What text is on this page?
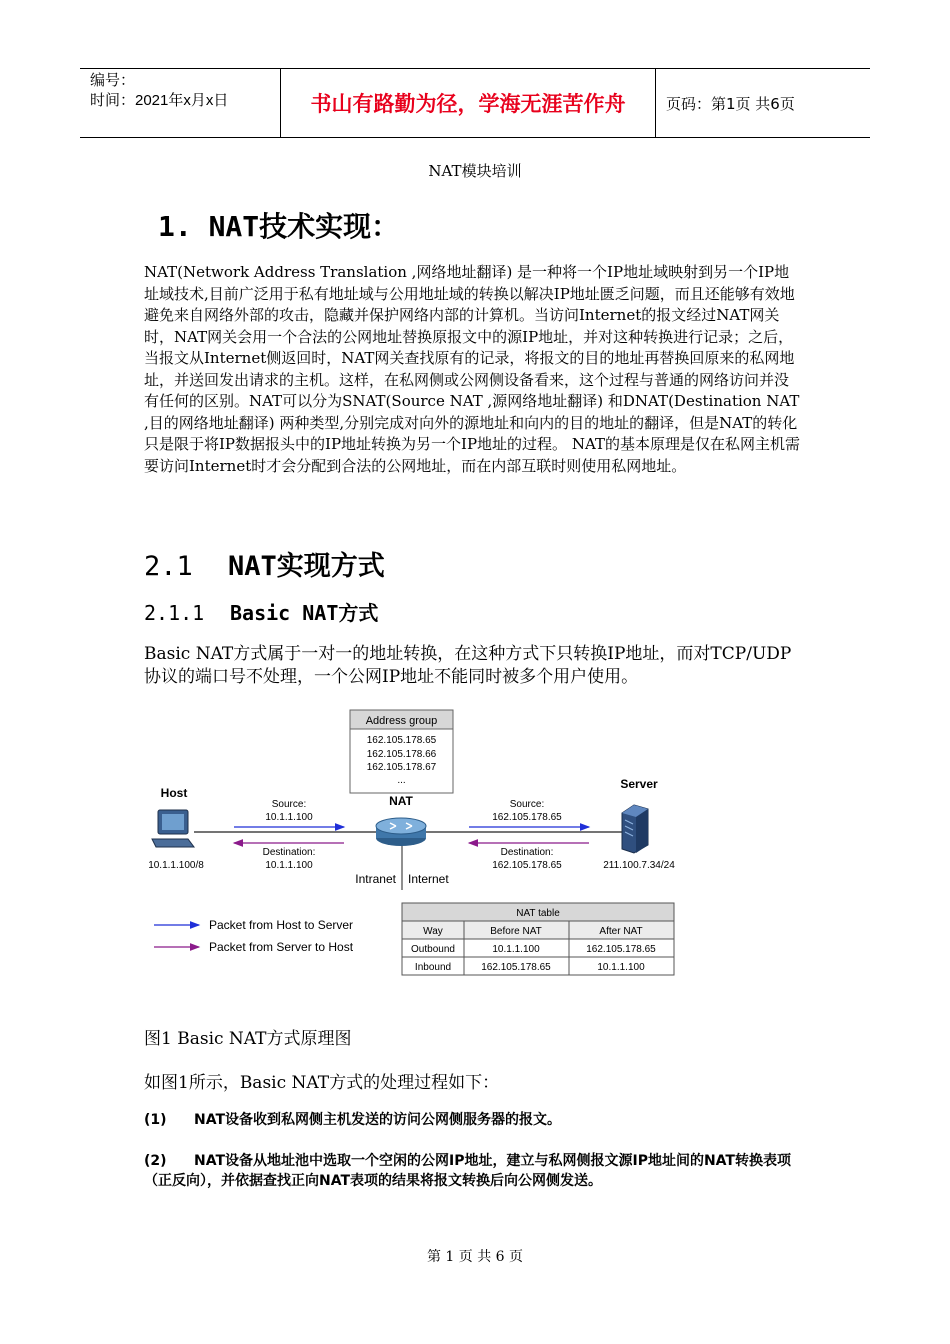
编号：
时间：2021年x月x日	书山有路勤为径，学海无涯苦作舟	页码：第1页 共6页
NAT模块培训
1. NAT技术实现：
NAT(Network Address Translation ,网络地址翻译) 是一种将一个IP地址域映射到另一个IP地址域技术,目前广泛用于私有地址域与公用地址域的转换以解决IP地址匮乏问题，而且还能够有效地避免来自网络外部的攻击，隐藏并保护网络内部的计算机。当访问Internet的报文经过NAT网关时，NAT网关会用一个合法的公网地址替换原报文中的源IP地址，并对这种转换进行记录；之后，当报文从Internet侧返回时，NAT网关查找原有的记录，将报文的目的地址再替换回原来的私网地址，并送回发出请求的主机。这样，在私网侧或公网侧设备看来，这个过程与普通的网络访问并没有任何的区别。NAT可以分为SNAT(Source NAT ,源网络地址翻译) 和DNAT(Destination NAT ,目的网络地址翻译) 两种类型,分别完成对向外的源地址和向内的目的地址的翻译，但是NAT的转化只是限于将IP数据报头中的IP地址转换为另一个IP地址的过程。 NAT的基本原理是仅在私网主机需要访问Internet时才会分配到合法的公网地址，而在内部互联时则使用私网地址。
2.1 NAT实现方式
2.1.1 Basic NAT方式
Basic NAT方式属于一对一的地址转换，在这种方式下只转换IP地址，而对TCP/UDP协议的端口号不处理，一个公网IP地址不能同时被多个用户使用。
Address group
162.105.178.65
162.105.178.66
162.105.178.67
...
Host
10.1.1.100/8
NAT
Intranet Internet
Server
211.100.7.34/24
Source:
10.1.1.100
Destination:
10.1.1.100
Source:
162.105.178.65
Destination:
162.105.178.65
Packet from Host to Server
Packet from Server to Host
NAT table
Way	Before NAT	After NAT
Outbound	10.1.1.100	162.105.178.65
Inbound	162.105.178.65	10.1.1.100
图1 Basic NAT方式原理图
如图1所示，Basic NAT方式的处理过程如下：
(1) NAT设备收到私网侧主机发送的访问公网侧服务器的报文。
(2) NAT设备从地址池中选取一个空闲的公网IP地址，建立与私网侧报文源IP地址间的NAT转换表项（正反向），并依据查找正向NAT表项的结果将报文转换后向公网侧发送。
第 1 页 共 6 页
